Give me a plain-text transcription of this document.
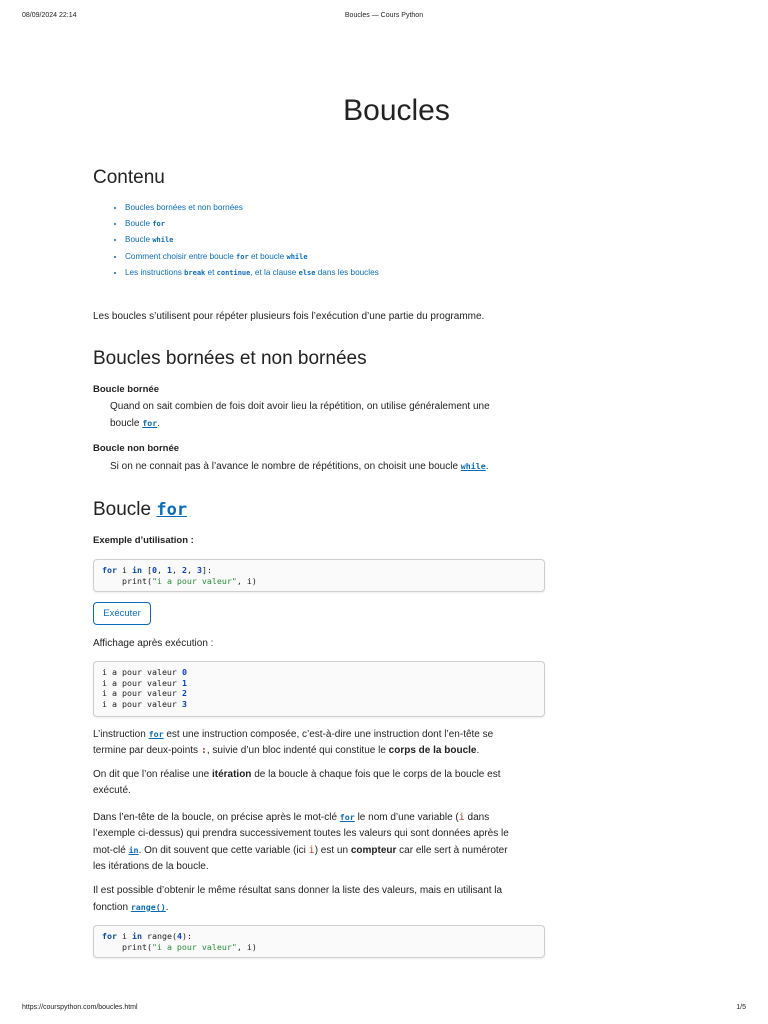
08/09/2024 22:14	Boucles — Cours Python
Boucles
Contenu
• Boucles bornées et non bornées
• Boucle for
• Boucle while
• Comment choisir entre boucle for et boucle while
• Les instructions break et continue, et la clause else dans les boucles

Les boucles s’utilisent pour répéter plusieurs fois l’exécution d’une partie du programme.

Boucles bornées et non bornées

Boucle bornée

Quand on sait combien de fois doit avoir lieu la répétition, on utilise généralement une

boucle for.

Boucle non bornée

Si on ne connait pas à l’avance le nombre de répétitions, on choisit une boucle while.

Boucle for

Exemple d’utilisation :

for i in [0, 1, 2, 3]:
print("i a pour valeur", i)
Exécuter

Affichage après exécution :

i a pour valeur 0
i a pour valeur 1
i a pour valeur 2
i a pour valeur 3

L’instruction for est une instruction composée, c’est-à-dire une instruction dont l’en-tête se
termine par deux-points :, suivie d’un bloc indenté qui constitue le corps de la boucle.

On dit que l’on réalise une itération de la boucle à chaque fois que le corps de la boucle est
exécuté.

Dans l’en-tête de la boucle, on précise après le mot-clé for le nom d’une variable (i dans
l’exemple ci-dessus) qui prendra successivement toutes les valeurs qui sont données après le
mot-clé in. On dit souvent que cette variable (ici i) est un compteur car elle sert à numéroter
les itérations de la boucle.

Il est possible d’obtenir le même résultat sans donner la liste des valeurs, mais en utilisant la
fonction range().

for i in range(4):
print("i a pour valeur", i)
https://courspython.com/boucles.html	1/5
